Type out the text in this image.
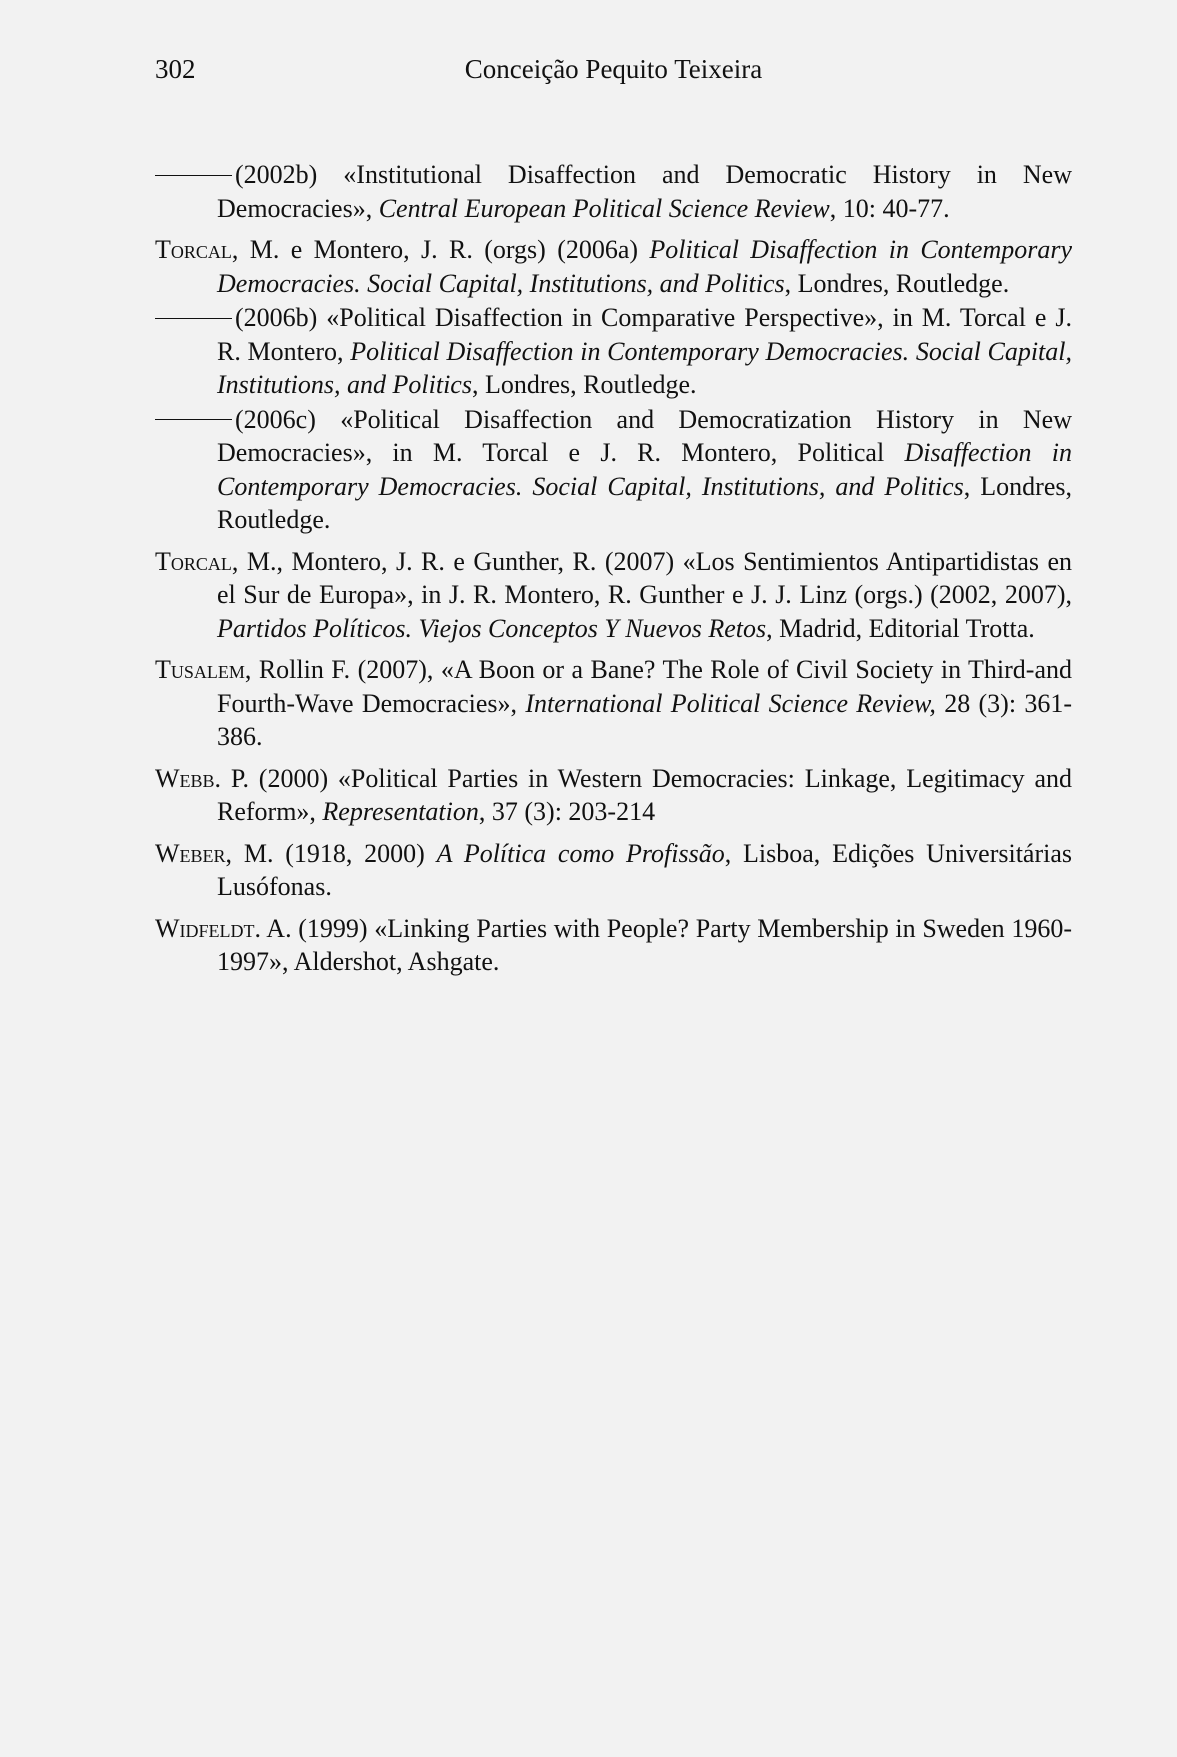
302	Conceição Pequito Teixeira

(2002b) «Institutional Disaffection and Democratic History in New Democracies», Central European Political Science Review, 10: 40-77.

Torcal, M. e Montero, J. R. (orgs) (2006a) Political Disaffection in Contemporary Democracies. Social Capital, Institutions, and Politics, Londres, Routledge.

(2006b) «Political Disaffection in Comparative Perspective», in M. Torcal e J. R. Montero, Political Disaffection in Contemporary Democracies. Social Capital, Institutions, and Politics, Londres, Routledge.

(2006c) «Political Disaffection and Democratization History in New Democracies», in M. Torcal e J. R. Montero, Political Disaffection in Contemporary Democracies. Social Capital, Institutions, and Politics, Londres, Routledge.

Torcal, M., Montero, J. R. e Gunther, R. (2007) «Los Sentimientos Antipartidistas en el Sur de Europa», in J. R. Montero, R. Gunther e J. J. Linz (orgs.) (2002, 2007), Partidos Políticos. Viejos Conceptos Y Nuevos Retos, Madrid, Editorial Trotta.

Tusalem, Rollin F. (2007), «A Boon or a Bane? The Role of Civil Society in Third-and Fourth-Wave Democracies», International Political Science Review, 28 (3): 361-386.

Webb. P. (2000) «Political Parties in Western Democracies: Linkage, Legitimacy and Reform», Representation, 37 (3): 203-214

Weber, M. (1918, 2000) A Política como Profissão, Lisboa, Edições Universitárias Lusófonas.

Widfeldt. A. (1999) «Linking Parties with People? Party Membership in Sweden 1960-1997», Aldershot, Ashgate.
